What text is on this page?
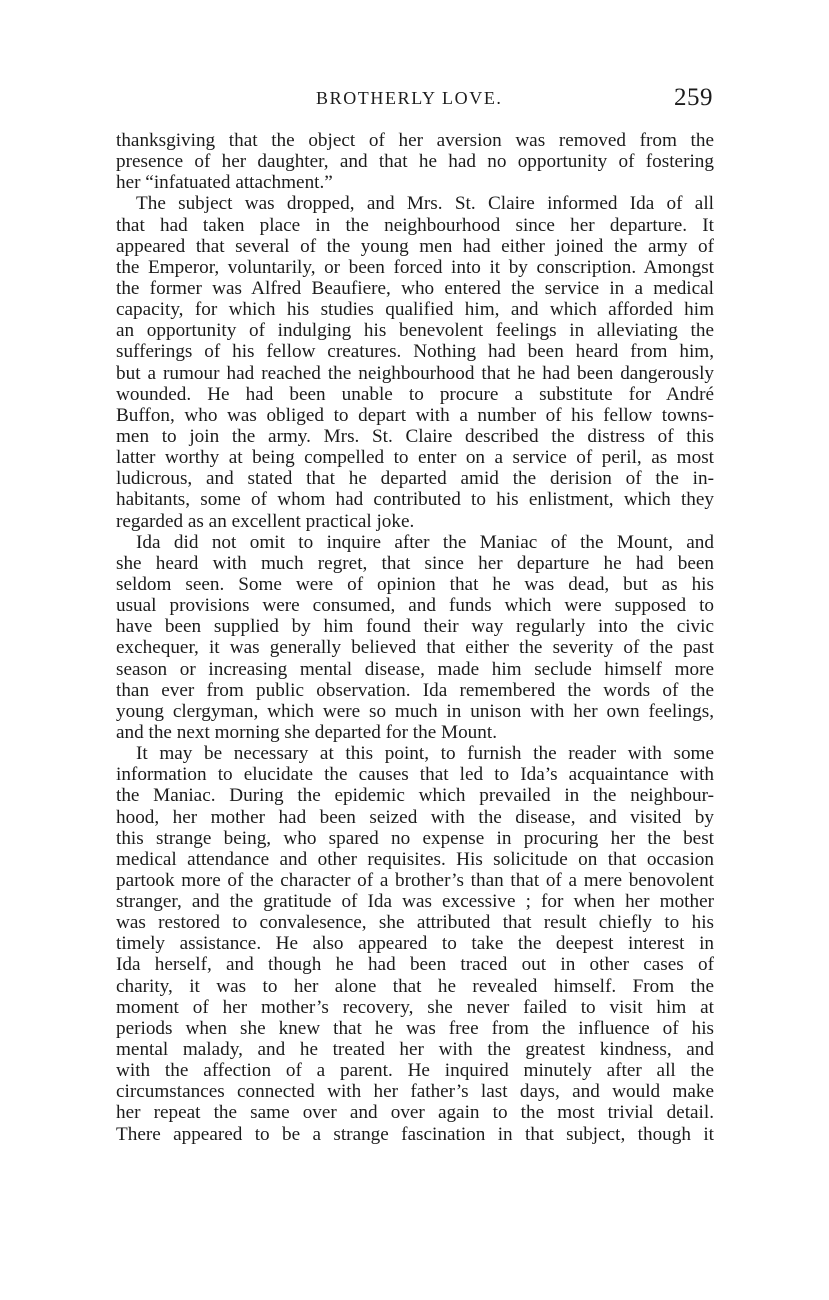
BROTHERLY LOVE.	259
thanksgiving that the object of her aversion was removed from the
presence of her daughter, and that he had no opportunity of fostering
her “infatuated attachment.”
The subject was dropped, and Mrs. St. Claire informed Ida of all
that had taken place in the neighbourhood since her departure. It
appeared that several of the young men had either joined the army of
the Emperor, voluntarily, or been forced into it by conscription. Amongst
the former was Alfred Beaufiere, who entered the service in a medical
capacity, for which his studies qualified him, and which afforded him
an opportunity of indulging his benevolent feelings in alleviating the
sufferings of his fellow creatures. Nothing had been heard from him,
but a rumour had reached the neighbourhood that he had been dangerously
wounded. He had been unable to procure a substitute for André
Buffon, who was obliged to depart with a number of his fellow towns-
men to join the army. Mrs. St. Claire described the distress of this
latter worthy at being compelled to enter on a service of peril, as most
ludicrous, and stated that he departed amid the derision of the in-
habitants, some of whom had contributed to his enlistment, which they
regarded as an excellent practical joke.
Ida did not omit to inquire after the Maniac of the Mount, and
she heard with much regret, that since her departure he had been
seldom seen. Some were of opinion that he was dead, but as his
usual provisions were consumed, and funds which were supposed to
have been supplied by him found their way regularly into the civic
exchequer, it was generally believed that either the severity of the past
season or increasing mental disease, made him seclude himself more
than ever from public observation. Ida remembered the words of the
young clergyman, which were so much in unison with her own feelings,
and the next morning she departed for the Mount.
It may be necessary at this point, to furnish the reader with some
information to elucidate the causes that led to Ida’s acquaintance with
the Maniac. During the epidemic which prevailed in the neighbour-
hood, her mother had been seized with the disease, and visited by
this strange being, who spared no expense in procuring her the best
medical attendance and other requisites. His solicitude on that occasion
partook more of the character of a brother’s than that of a mere benovolent
stranger, and the gratitude of Ida was excessive ; for when her mother
was restored to convalesence, she attributed that result chiefly to his
timely assistance. He also appeared to take the deepest interest in
Ida herself, and though he had been traced out in other cases of
charity, it was to her alone that he revealed himself. From the
moment of her mother’s recovery, she never failed to visit him at
periods when she knew that he was free from the influence of his
mental malady, and he treated her with the greatest kindness, and
with the affection of a parent. He inquired minutely after all the
circumstances connected with her father’s last days, and would make
her repeat the same over and over again to the most trivial detail.
There appeared to be a strange fascination in that subject, though it
